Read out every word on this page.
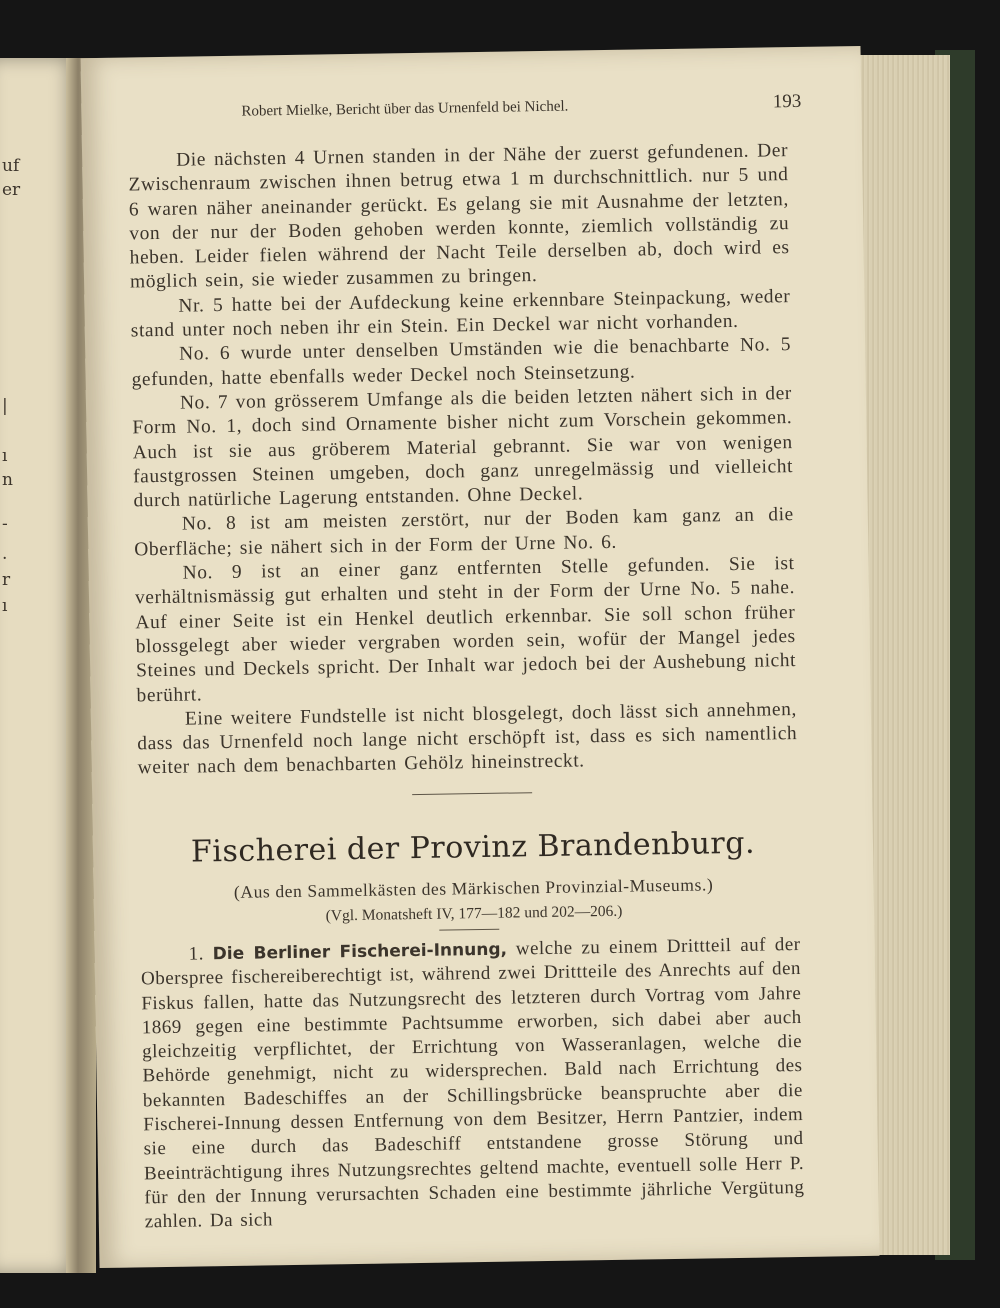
uf
er
|
ı
n
-
.
r
ı
Robert Mielke, Bericht über das Urnenfeld bei Nichel.	193

Die nächsten 4 Urnen standen in der Nähe der zuerst gefundenen. Der Zwischenraum zwischen ihnen betrug etwa 1 m durchschnittlich. nur 5 und 6 waren näher aneinander gerückt. Es gelang sie mit Ausnahme der letzten, von der nur der Boden gehoben werden konnte, ziemlich vollständig zu heben. Leider fielen während der Nacht Teile derselben ab, doch wird es möglich sein, sie wieder zusammen zu bringen.

Nr. 5 hatte bei der Aufdeckung keine erkennbare Steinpackung, weder stand unter noch neben ihr ein Stein. Ein Deckel war nicht vorhanden.

No. 6 wurde unter denselben Umständen wie die benachbarte No. 5 gefunden, hatte ebenfalls weder Deckel noch Steinsetzung.

No. 7 von grösserem Umfange als die beiden letzten nähert sich in der Form No. 1, doch sind Ornamente bisher nicht zum Vorschein gekommen. Auch ist sie aus gröberem Material gebrannt. Sie war von wenigen faustgrossen Steinen umgeben, doch ganz unregelmässig und vielleicht durch natürliche Lagerung entstanden. Ohne Deckel.

No. 8 ist am meisten zerstört, nur der Boden kam ganz an die Oberfläche; sie nähert sich in der Form der Urne No. 6.

No. 9 ist an einer ganz entfernten Stelle gefunden. Sie ist verhältnismässig gut erhalten und steht in der Form der Urne No. 5 nahe. Auf einer Seite ist ein Henkel deutlich erkennbar. Sie soll schon früher blossgelegt aber wieder vergraben worden sein, wofür der Mangel jedes Steines und Deckels spricht. Der Inhalt war jedoch bei der Aushebung nicht berührt.

Eine weitere Fundstelle ist nicht blosgelegt, doch lässt sich annehmen, dass das Urnenfeld noch lange nicht erschöpft ist, dass es sich namentlich weiter nach dem benachbarten Gehölz hineinstreckt.

Fischerei der Provinz Brandenburg.
(Aus den Sammelkästen des Märkischen Provinzial-Museums.)
(Vgl. Monatsheft IV, 177—182 und 202—206.)

1. Die Berliner Fischerei-Innung, welche zu einem Drittteil auf der Oberspree fischereiberechtigt ist, während zwei Drittteile des Anrechts auf den Fiskus fallen, hatte das Nutzungsrecht des letzteren durch Vortrag vom Jahre 1869 gegen eine bestimmte Pachtsumme erworben, sich dabei aber auch gleichzeitig verpflichtet, der Errichtung von Wasseranlagen, welche die Behörde genehmigt, nicht zu widersprechen. Bald nach Errichtung des bekannten Badeschiffes an der Schillingsbrücke beanspruchte aber die Fischerei-Innung dessen Entfernung von dem Besitzer, Herrn Pantzier, indem sie eine durch das Badeschiff entstandene grosse Störung und Beeinträchtigung ihres Nutzungsrechtes geltend machte, eventuell solle Herr P. für den der Innung verursachten Schaden eine bestimmte jährliche Vergütung zahlen. Da sich
